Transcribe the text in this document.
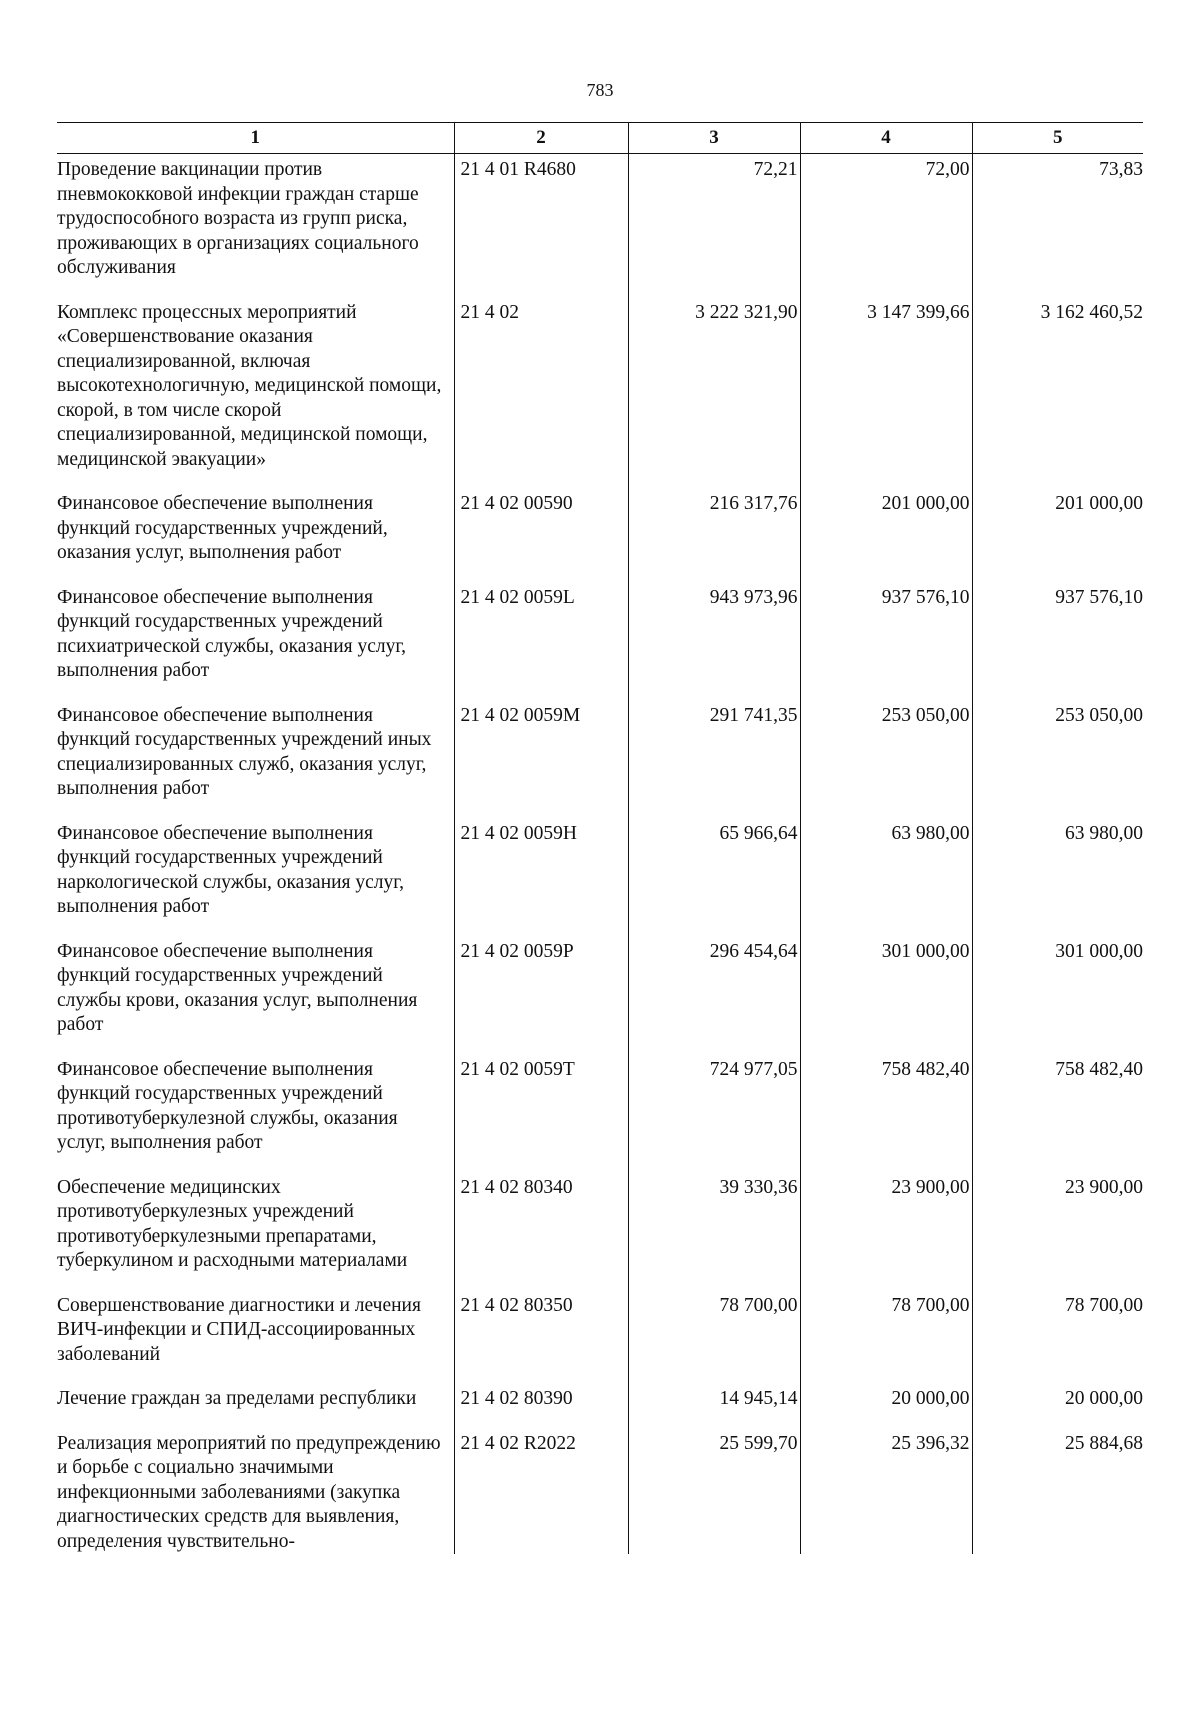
783
1	2	3	4	5
Проведение вакцинации против пневмококковой инфекции граждан старше трудоспособного возраста из групп риска, проживающих в организациях социального обслуживания	21 4 01 R4680	72,21	72,00	73,83
Комплекс процессных мероприятий «Совершенствование оказания специализированной, включая высокотехнологичную, медицинской помощи, скорой, в том числе скорой специализированной, медицинской помощи, медицинской эвакуации»	21 4 02	3 222 321,90	3 147 399,66	3 162 460,52
Финансовое обеспечение выполнения функций государственных учреждений, оказания услуг, выполнения работ	21 4 02 00590	216 317,76	201 000,00	201 000,00
Финансовое обеспечение выполнения функций государственных учреждений психиатрической службы, оказания услуг, выполнения работ	21 4 02 0059L	943 973,96	937 576,10	937 576,10
Финансовое обеспечение выполнения функций государственных учреждений иных специализированных служб, оказания услуг, выполнения работ	21 4 02 0059М	291 741,35	253 050,00	253 050,00
Финансовое обеспечение выполнения функций государственных учреждений наркологической службы, оказания услуг, выполнения работ	21 4 02 0059Н	65 966,64	63 980,00	63 980,00
Финансовое обеспечение выполнения функций государственных учреждений службы крови, оказания услуг, выполнения работ	21 4 02 0059Р	296 454,64	301 000,00	301 000,00
Финансовое обеспечение выполнения функций государственных учреждений противотуберкулезной службы, оказания услуг, выполнения работ	21 4 02 0059Т	724 977,05	758 482,40	758 482,40
Обеспечение медицинских противотуберкулезных учреждений противотуберкулезными препаратами, туберкулином и расходными материалами	21 4 02 80340	39 330,36	23 900,00	23 900,00
Совершенствование диагностики и лечения ВИЧ-инфекции и СПИД-ассоциированных заболеваний	21 4 02 80350	78 700,00	78 700,00	78 700,00
Лечение граждан за пределами республики	21 4 02 80390	14 945,14	20 000,00	20 000,00
Реализация мероприятий по предупреждению и борьбе с социально значимыми инфекционными заболеваниями (закупка диагностических средств для выявления, определения чувствительно-	21 4 02 R2022	25 599,70	25 396,32	25 884,68
